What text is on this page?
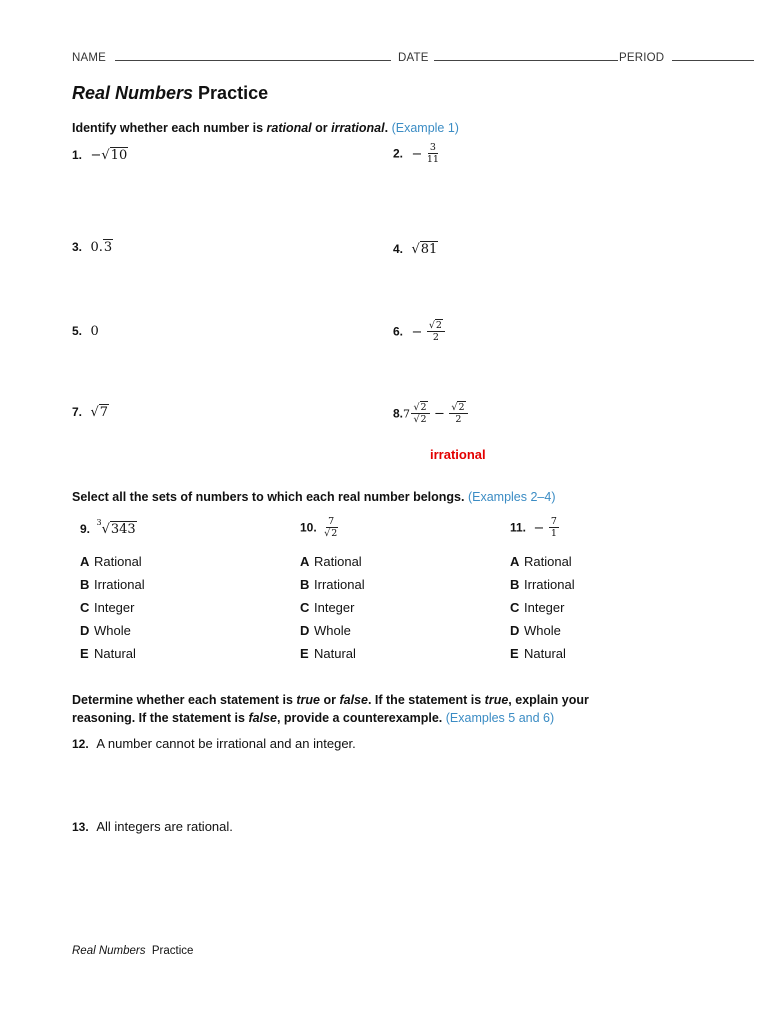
NAME	DATE	PERIOD
Real Numbers Practice
Identify whether each number is rational or irrational. (Example 1)
1. −√10	2. − $\frac{3}{11}$
3. 0.3	4. √81
5. 0	6. − $\frac{√2}{2}$
7. √7	$8.7 \frac{√2}{√2} - \frac{√2}{2}$
irrational
Select all the sets of numbers to which each real number belongs. (Examples 2–4)
9. $^3$√343	10. $\frac{7}{√2}$	11. − $\frac{7}{1}$
A Rational
B Irrational
C Integer
D Whole
E Natural
A Rational
B Irrational
C Integer
D Whole
E Natural
A Rational
B Irrational
C Integer
D Whole
E Natural
Determine whether each statement is true or false. If the statement is true, explain your
reasoning. If the statement is false, provide a counterexample. (Examples 5 and 6)
12. A number cannot be irrational and an integer.
13. All integers are rational.
Real Numbers  Practice
